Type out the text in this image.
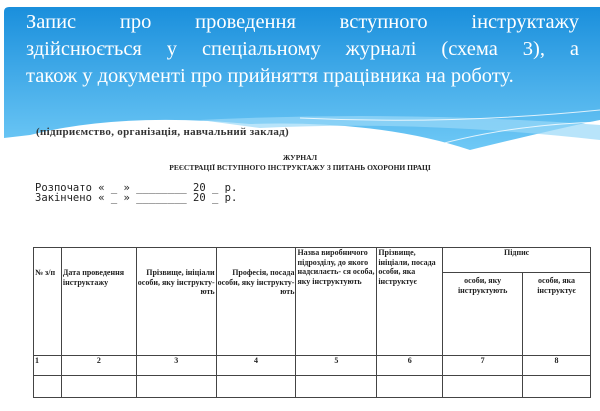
Запис про проведення вступного інструктажу
здійснюється у спеціальному журналі (схема 3), а
також у документі про прийняття працівника на роботу.
(підприємство, організація, навчальний заклад)
ЖУРНАЛ
РЕЄСТРАЦІЇ ВСТУПНОГО ІНСТРУКТАЖУ З ПИТАНЬ ОХОРОНИ ПРАЦІ
Розпочато « _ » ________ 20 _ р.
Закінчено « _ » ________ 20 _ р.
№ з/п	Дата проведення інструктажу	Прізвище, ініціали особи, яку інструкту- ють	Професія, посада особи, яку інструкту- ють	Назва виробничого підрозділу, до якого надсилаєть- ся особа, яку інструктують	Прізвище, ініціали, посада особи, яка інструктує	Підпис	
						особи, яку інструктують	особи, яка інструктує
1	2	3	4	5	6	7	8
